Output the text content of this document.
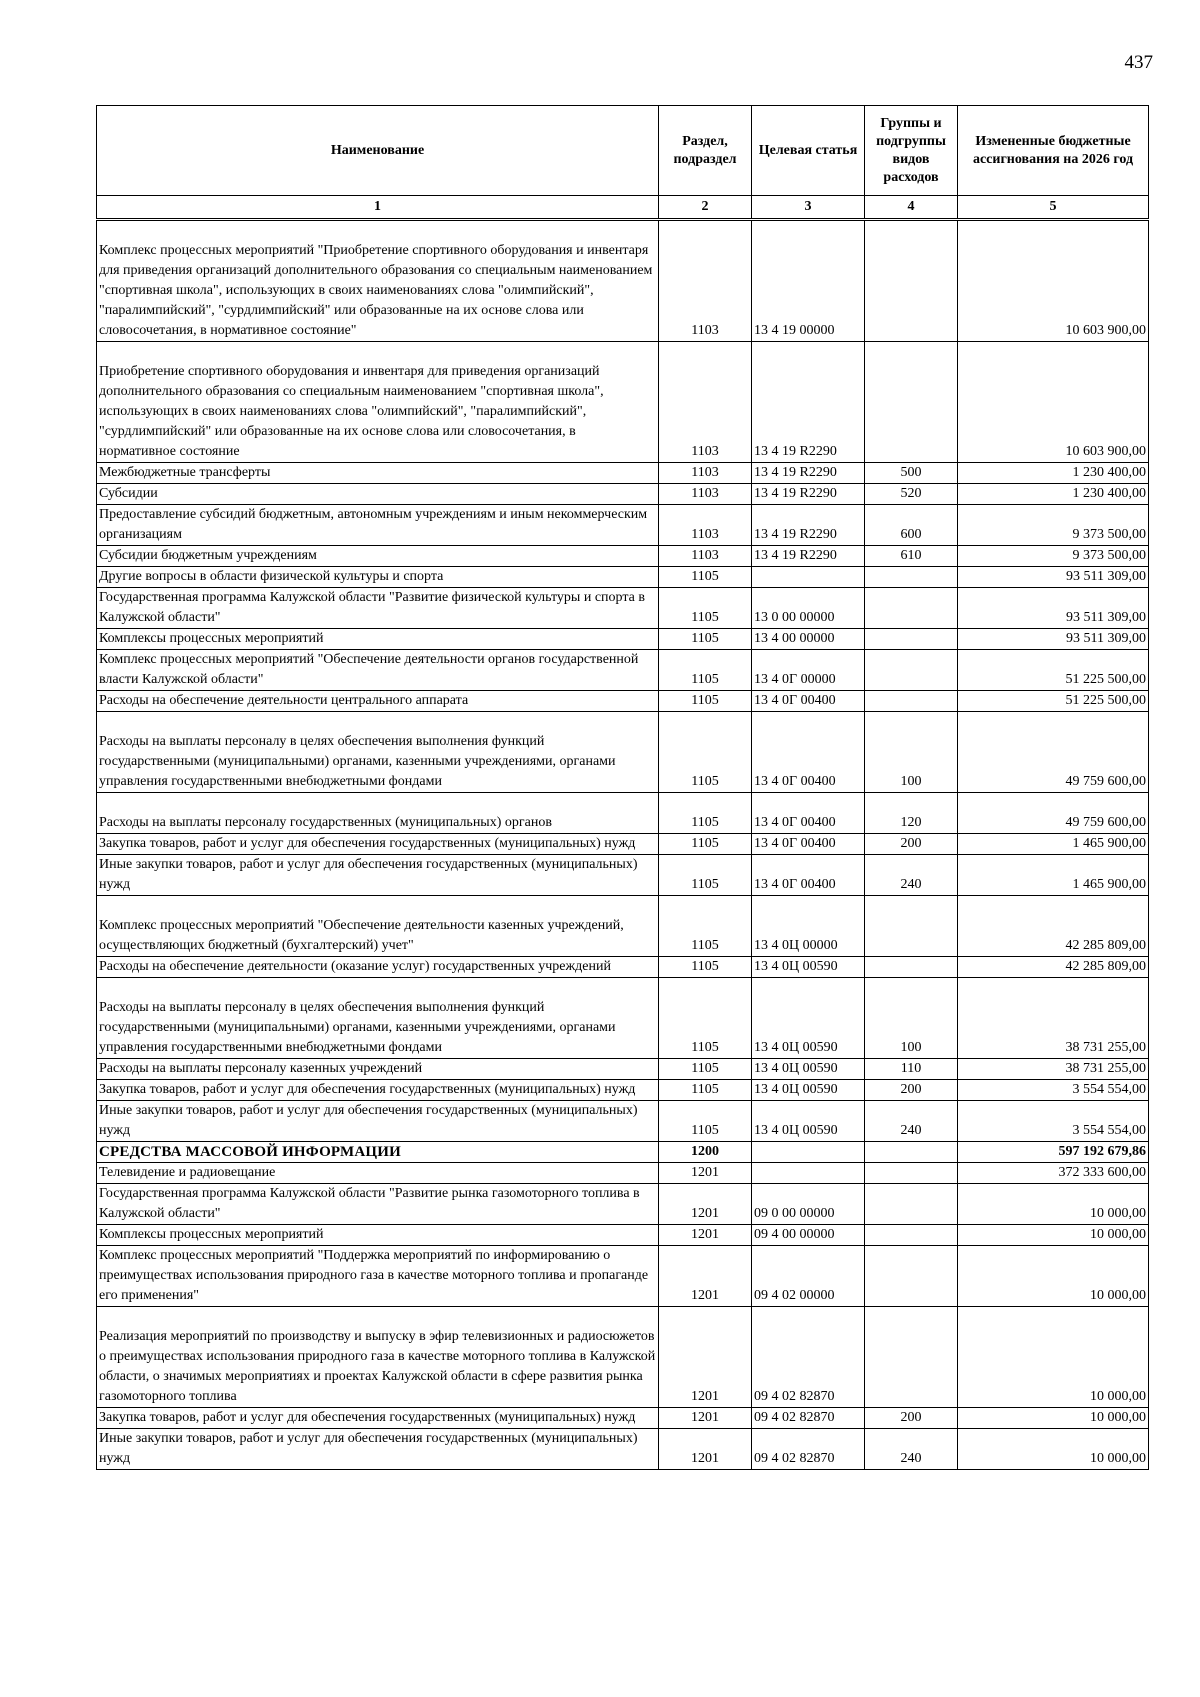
437
Наименование	Раздел, подраздел	Целевая статья	Группы и подгруппы видов расходов	Измененные бюджетные ассигнования на 2026 год
1	2	3	4	5
Комплекс процессных мероприятий "Приобретение спортивного оборудования и инвентаря для приведения организаций дополнительного образования со специальным наименованием "спортивная школа", использующих в своих наименованиях слова "олимпийский", "паралимпийский", "сурдлимпийский" или образованные на их основе слова или словосочетания, в нормативное состояние"	1103	13 4 19 00000		10 603 900,00
Приобретение спортивного оборудования и инвентаря для приведения организаций дополнительного образования со специальным наименованием "спортивная школа", использующих в своих наименованиях слова "олимпийский", "паралимпийский", "сурдлимпийский" или образованные на их основе слова или словосочетания, в нормативное состояние	1103	13 4 19 R2290		10 603 900,00
Межбюджетные трансферты	1103	13 4 19 R2290	500	1 230 400,00
Субсидии	1103	13 4 19 R2290	520	1 230 400,00
Предоставление субсидий бюджетным, автономным учреждениям и иным некоммерческим организациям	1103	13 4 19 R2290	600	9 373 500,00
Субсидии бюджетным учреждениям	1103	13 4 19 R2290	610	9 373 500,00
Другие вопросы в области физической культуры и спорта	1105			93 511 309,00
Государственная программа Калужской области "Развитие физической культуры и спорта в Калужской области"	1105	13 0 00 00000		93 511 309,00
Комплексы процессных мероприятий	1105	13 4 00 00000		93 511 309,00
Комплекс процессных мероприятий "Обеспечение деятельности органов государственной власти Калужской области"	1105	13 4 0Г 00000		51 225 500,00
Расходы на обеспечение деятельности центрального аппарата	1105	13 4 0Г 00400		51 225 500,00
Расходы на выплаты персоналу в целях обеспечения выполнения функций государственными (муниципальными) органами, казенными учреждениями, органами управления государственными внебюджетными фондами	1105	13 4 0Г 00400	100	49 759 600,00
Расходы на выплаты персоналу государственных (муниципальных) органов	1105	13 4 0Г 00400	120	49 759 600,00
Закупка товаров, работ и услуг для обеспечения государственных (муниципальных) нужд	1105	13 4 0Г 00400	200	1 465 900,00
Иные закупки товаров, работ и услуг для обеспечения государственных (муниципальных) нужд	1105	13 4 0Г 00400	240	1 465 900,00
Комплекс процессных мероприятий "Обеспечение деятельности казенных учреждений, осуществляющих бюджетный (бухгалтерский) учет"	1105	13 4 0Ц 00000		42 285 809,00
Расходы на обеспечение деятельности (оказание услуг) государственных учреждений	1105	13 4 0Ц 00590		42 285 809,00
Расходы на выплаты персоналу в целях обеспечения выполнения функций государственными (муниципальными) органами, казенными учреждениями, органами управления государственными внебюджетными фондами	1105	13 4 0Ц 00590	100	38 731 255,00
Расходы на выплаты персоналу казенных учреждений	1105	13 4 0Ц 00590	110	38 731 255,00
Закупка товаров, работ и услуг для обеспечения государственных (муниципальных) нужд	1105	13 4 0Ц 00590	200	3 554 554,00
Иные закупки товаров, работ и услуг для обеспечения государственных (муниципальных) нужд	1105	13 4 0Ц 00590	240	3 554 554,00
СРЕДСТВА МАССОВОЙ ИНФОРМАЦИИ	1200			597 192 679,86
Телевидение и радиовещание	1201			372 333 600,00
Государственная программа Калужской области "Развитие рынка газомоторного топлива в Калужской области"	1201	09 0 00 00000		10 000,00
Комплексы процессных мероприятий	1201	09 4 00 00000		10 000,00
Комплекс процессных мероприятий "Поддержка мероприятий по информированию о преимуществах использования природного газа в качестве моторного топлива и пропаганде его применения"	1201	09 4 02 00000		10 000,00
Реализация мероприятий по производству и выпуску в эфир телевизионных и радиосюжетов о преимуществах использования природного газа в качестве моторного топлива в Калужской области, о значимых мероприятиях и проектах Калужской области в сфере развития рынка газомоторного топлива	1201	09 4 02 82870		10 000,00
Закупка товаров, работ и услуг для обеспечения государственных (муниципальных) нужд	1201	09 4 02 82870	200	10 000,00
Иные закупки товаров, работ и услуг для обеспечения государственных (муниципальных) нужд	1201	09 4 02 82870	240	10 000,00
